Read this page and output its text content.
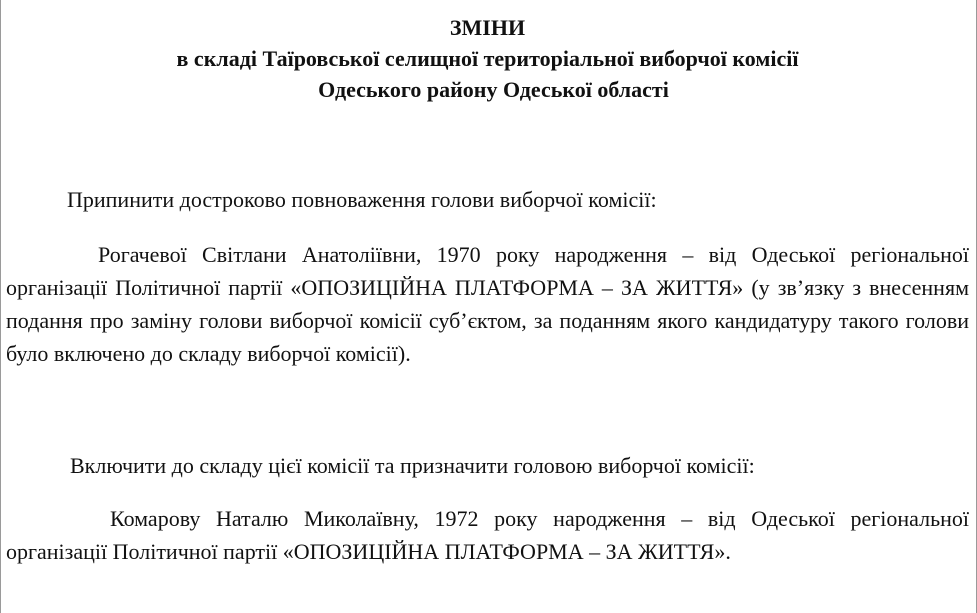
ЗМІНИ
в складі Таїровської селищної територіальної виборчої комісії
Одеського району Одеської області
Припинити достроково повноваження голови виборчої комісії:
Рогачевої Світлани Анатоліївни, 1970 року народження – від Одеської регіональної організації Політичної партії «ОПОЗИЦІЙНА ПЛАТФОРМА – ЗА ЖИТТЯ» (у зв’язку з внесенням подання про заміну голови виборчої комісії суб’єктом, за поданням якого кандидатуру такого голови було включено до складу виборчої комісії).
Включити до складу цієї комісії та призначити головою виборчої комісії:
Комарову Наталю Миколаївну, 1972 року народження – від Одеської регіональної організації Політичної партії «ОПОЗИЦІЙНА ПЛАТФОРМА – ЗА ЖИТТЯ».
